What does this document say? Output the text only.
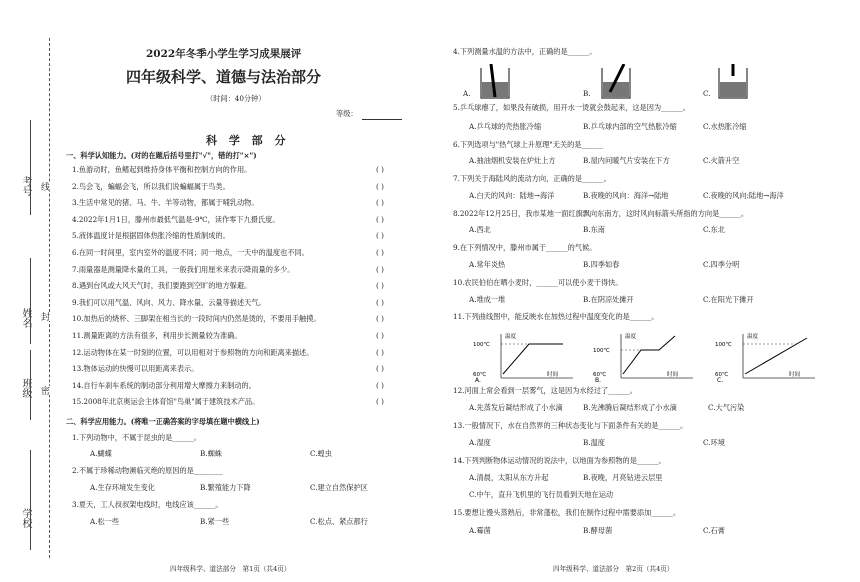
考号
姓名
班级
学校
线
封
密
2022年冬季小学生学习成果展评
四年级科学、道德与法治部分
（时间：40分钟）
等级：
科 学 部 分
一、科学认知能力。(对的在题后括号里打"√"，错的打"×")
1.鱼游动时，鱼鳍起到维持身体平衡和控制方向的作用。	( )
2.鸟会飞，蝙蝠会飞，所以我们说蝙蝠属于鸟类。	( )
3.生活中常见的猪、马、牛、羊等动物，都属于哺乳动物。	( )
4.2022年1月1日，滕州市最低气温是-9℃，读作零下九摄氏度。	( )
5.液体温度计是根据固体热胀冷缩的性质制成的。	( )
6.在同一时间里，室内室外的温度不同；同一地点，一天中的温度也不同。	( )
7.雨量器是测量降水量的工具，一般我们用厘米来表示降雨量的多少。	( )
8.遇到台风或大风天气时，我们要跑到空旷的地方躲避。	( )
9.我们可以用气温、风向、风力、降水量、云量等描述天气。	( )
10.加热后的烧杯、三脚架在相当长的一段时间内仍然是烫的，不要用手触摸。	( )
11.测量距离的方法有很多，利用步长测量较为准确。	( )
12.运动物体在某一时刻的位置，可以用相对于参照物的方向和距离来描述。	( )
13.物体运动的快慢可以用距离来表示。	( )
14.自行车刹车系统的制动部分利用增大摩擦力来制动的。	( )
15.2008年北京奥运会主体育馆"鸟巢"属于建筑技术产品。	( )
二、科学应用能力。(将唯一正确答案的字母填在题中横线上)
1.下列动物中，不属于昆虫的是______。
A.蝴蝶	B.蜘蛛	C.蝗虫
2.不属于珍稀动物濒临灭绝的原因的是________
A.生存环境发生变化	B.繁殖能力下降	C.建立自然保护区
3.夏天，工人叔叔架电线时，电线应该______。
A.松一些	B.紧一些	C.松点、紧点都行
四年级科学、道法部分　第1页（共4页）
4.下列测量水温的方法中，正确的是______。
A.	B.	C.
5.乒乓球瘪了，如果没有破损，用开水一烫就会鼓起来，这是因为______。
A.乒乓球的壳热胀冷缩	B.乒乓球内部的空气热胀冷缩	C.水热胀冷缩
6.下列选项与"热气球上升原理"无关的是______
A.抽油烟机安装在炉灶上方	B.屋内问暖气片安装在下方	C.火箭升空
7.下列关于海陆风的流动方向，正确的是______。
A.白天的风向：陆地→海洋	B.夜晚的风向：海洋→陆地	C.夜晚的风向:陆地→海洋
8.2022年12月25日，我市某地一面红旗飘向东南方，这时风向标箭头所指的方向是______。
A.西北	B.东南	C.东北
9.在下列情况中，滕州市属于______的气候。
A.常年炎热	B.四季如春	C.四季分明
10.农民伯伯在晒小麦时，______可以使小麦干得快。
A.堆成一堆	B.在阴凉处摊开	C.在阳光下摊开
11.下列曲线图中，能反映水在加热过程中温度变化的是______。
温度
100℃
60℃	时间
A.
温度
100℃
60℃	时间
B.
温度
100℃
60℃	时间
C.
12.河面上常会看到一层雾气，这是因为水经过了______。
A.先蒸发后凝结形成了小水滴	B.先沸腾后凝结形成了小水滴	C.大气污染
13.一般情况下，水在自然界的三种状态变化与下面条件有关的是______。
A.湿度	B.温度	C.环境
14.下列判断物体运动情况的说法中，以地面为参照物的是______。
A.清晨，太阳从东方升起	B.夜晚，月亮钻进云层里
C.中午，直升飞机里的飞行员看到天地在运动
15.要想让馒头蒸熟后，非常蓬松，我们在制作过程中需要添加______。
A.霉菌	B.酵母菌	C.石膏
四年级科学、道法部分　第2页（共4页）
